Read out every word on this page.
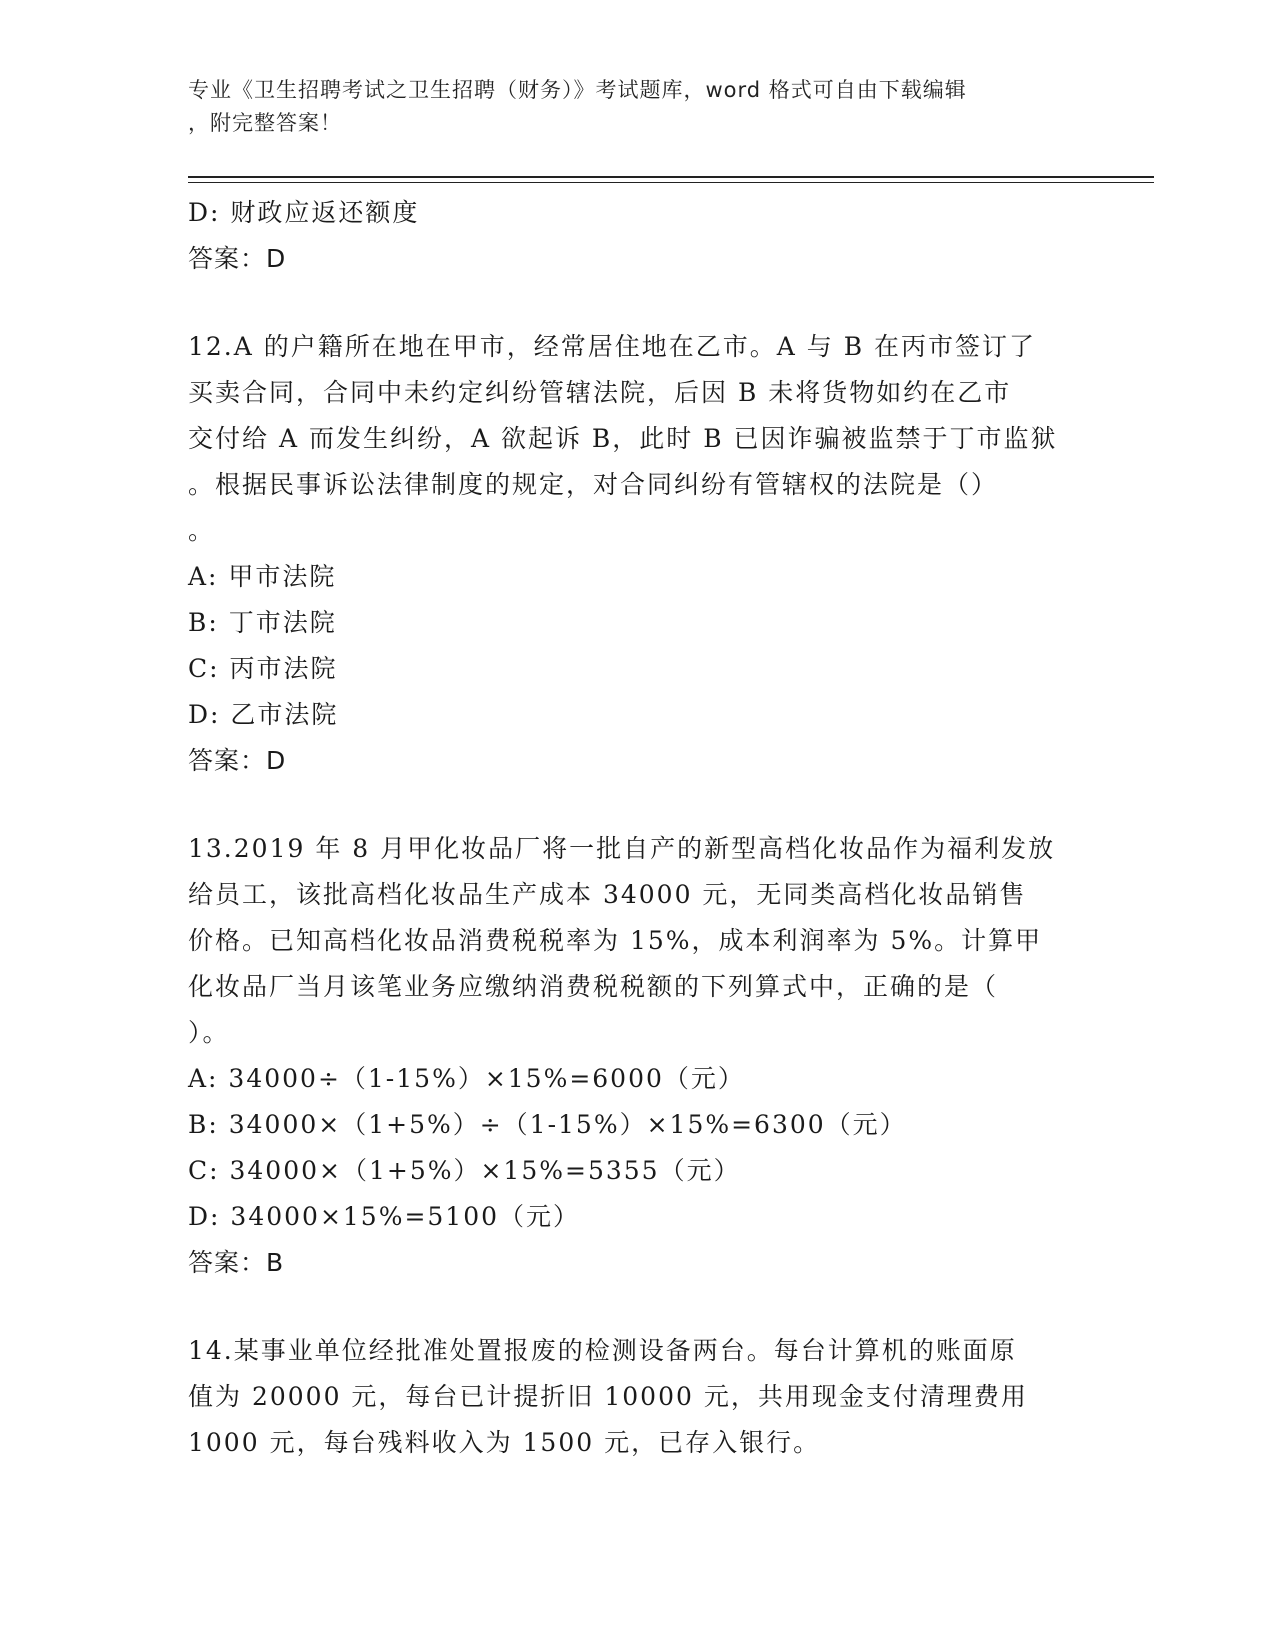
专业《卫生招聘考试之卫生招聘（财务）》考试题库，word 格式可自由下载编辑
，附完整答案！
D: 财政应返还额度
答案：D
12.A 的户籍所在地在甲市，经常居住地在乙市。A 与 B 在丙市签订了
买卖合同，合同中未约定纠纷管辖法院，后因 B 未将货物如约在乙市
交付给 A 而发生纠纷，A 欲起诉 B，此时 B 已因诈骗被监禁于丁市监狱
。根据民事诉讼法律制度的规定，对合同纠纷有管辖权的法院是（）
。
A: 甲市法院
B: 丁市法院
C: 丙市法院
D: 乙市法院
答案：D
13.2019 年 8 月甲化妆品厂将一批自产的新型高档化妆品作为福利发放
给员工，该批高档化妆品生产成本 34000 元，无同类高档化妆品销售
价格。已知高档化妆品消费税税率为 15%，成本利润率为 5%。计算甲
化妆品厂当月该笔业务应缴纳消费税税额的下列算式中，正确的是（
）。
A: 34000÷（1-15%）×15%=6000（元）
B: 34000×（1+5%）÷（1-15%）×15%=6300（元）
C: 34000×（1+5%）×15%=5355（元）
D: 34000×15%=5100（元）
答案：B
14.某事业单位经批准处置报废的检测设备两台。每台计算机的账面原
值为 20000 元，每台已计提折旧 10000 元，共用现金支付清理费用
1000 元，每台残料收入为 1500 元，已存入银行。
